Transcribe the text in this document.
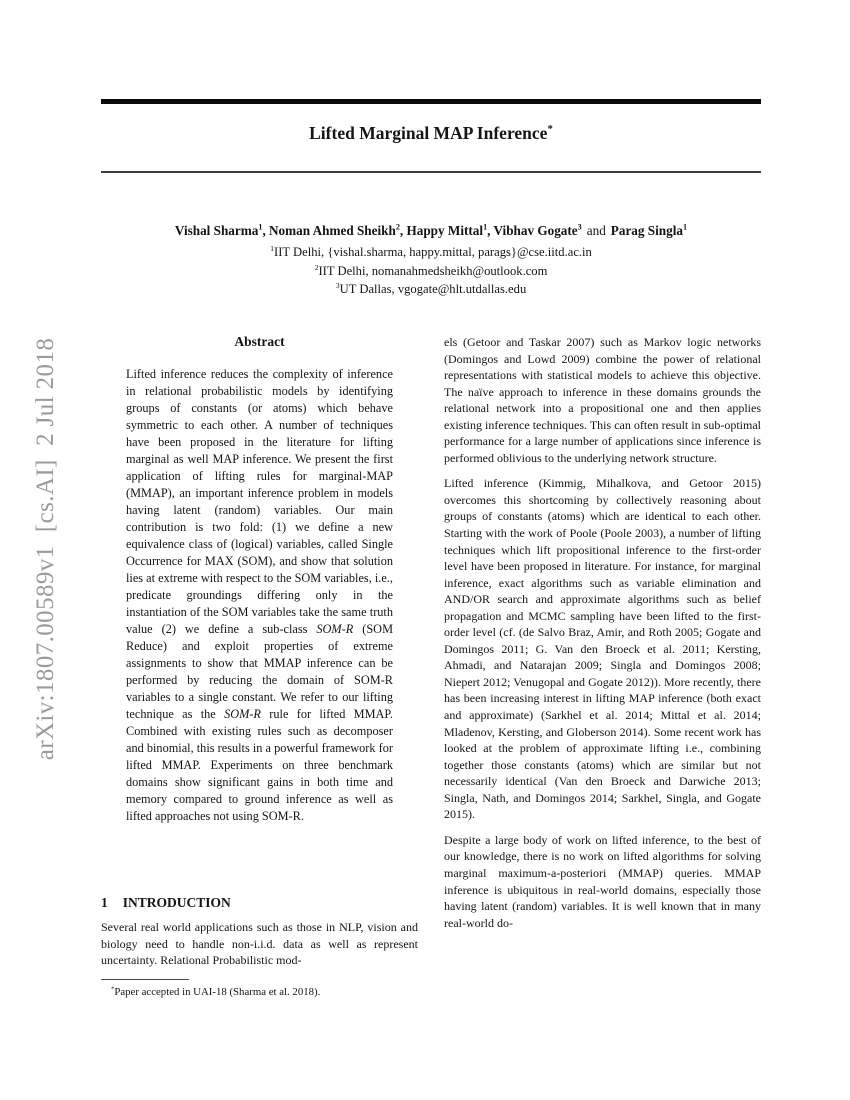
arXiv:1807.00589v1  [cs.AI]  2 Jul 2018
Lifted Marginal MAP Inference*
Vishal Sharma$^1$, Noman Ahmed Sheikh$^2$, Happy Mittal$^1$, Vibhav Gogate$^3$ and Parag Singla$^1$
$^1$IIT Delhi, {vishal.sharma, happy.mittal, parags}@cse.iitd.ac.in
$^2$IIT Delhi, nomanahmedsheikh@outlook.com
$^3$UT Dallas, vgogate@hlt.utdallas.edu
Abstract
Lifted inference reduces the complexity of inference in relational probabilistic models by identifying groups of constants (or atoms) which behave symmetric to each other. A number of techniques have been proposed in the literature for lifting marginal as well MAP inference. We present the first application of lifting rules for marginal-MAP (MMAP), an important inference problem in models having latent (random) variables. Our main contribution is two fold: (1) we define a new equivalence class of (logical) variables, called Single Occurrence for MAX (SOM), and show that solution lies at extreme with respect to the SOM variables, i.e., predicate groundings differing only in the instantiation of the SOM variables take the same truth value (2) we define a sub-class SOM-R (SOM Reduce) and exploit properties of extreme assignments to show that MMAP inference can be performed by reducing the domain of SOM-R variables to a single constant. We refer to our lifting technique as the SOM-R rule for lifted MMAP. Combined with existing rules such as decomposer and binomial, this results in a powerful framework for lifted MMAP. Experiments on three benchmark domains show significant gains in both time and memory compared to ground inference as well as lifted approaches not using SOM-R.
1 INTRODUCTION

Several real world applications such as those in NLP, vision and biology need to handle non-i.i.d. data as well as represent uncertainty. Relational Probabilistic mod-

*Paper accepted in UAI-18 (Sharma et al. 2018).

els (Getoor and Taskar 2007) such as Markov logic networks (Domingos and Lowd 2009) combine the power of relational representations with statistical models to achieve this objective. The naïve approach to inference in these domains grounds the relational network into a propositional one and then applies existing inference techniques. This can often result in sub-optimal performance for a large number of applications since inference is performed oblivious to the underlying network structure.

Lifted inference (Kimmig, Mihalkova, and Getoor 2015) overcomes this shortcoming by collectively reasoning about groups of constants (atoms) which are identical to each other. Starting with the work of Poole (Poole 2003), a number of lifting techniques which lift propositional inference to the first-order level have been proposed in literature. For instance, for marginal inference, exact algorithms such as variable elimination and AND/OR search and approximate algorithms such as belief propagation and MCMC sampling have been lifted to the first-order level (cf. (de Salvo Braz, Amir, and Roth 2005; Gogate and Domingos 2011; G. Van den Broeck et al. 2011; Kersting, Ahmadi, and Natarajan 2009; Singla and Domingos 2008; Niepert 2012; Venugopal and Gogate 2012)). More recently, there has been increasing interest in lifting MAP inference (both exact and approximate) (Sarkhel et al. 2014; Mittal et al. 2014; Mladenov, Kersting, and Globerson 2014). Some recent work has looked at the problem of approximate lifting i.e., combining together those constants (atoms) which are similar but not necessarily identical (Van den Broeck and Darwiche 2013; Singla, Nath, and Domingos 2014; Sarkhel, Singla, and Gogate 2015).

Despite a large body of work on lifted inference, to the best of our knowledge, there is no work on lifted algorithms for solving marginal maximum-a-posteriori (MMAP) queries. MMAP inference is ubiquitous in real-world domains, especially those having latent (random) variables. It is well known that in many real-world do-
